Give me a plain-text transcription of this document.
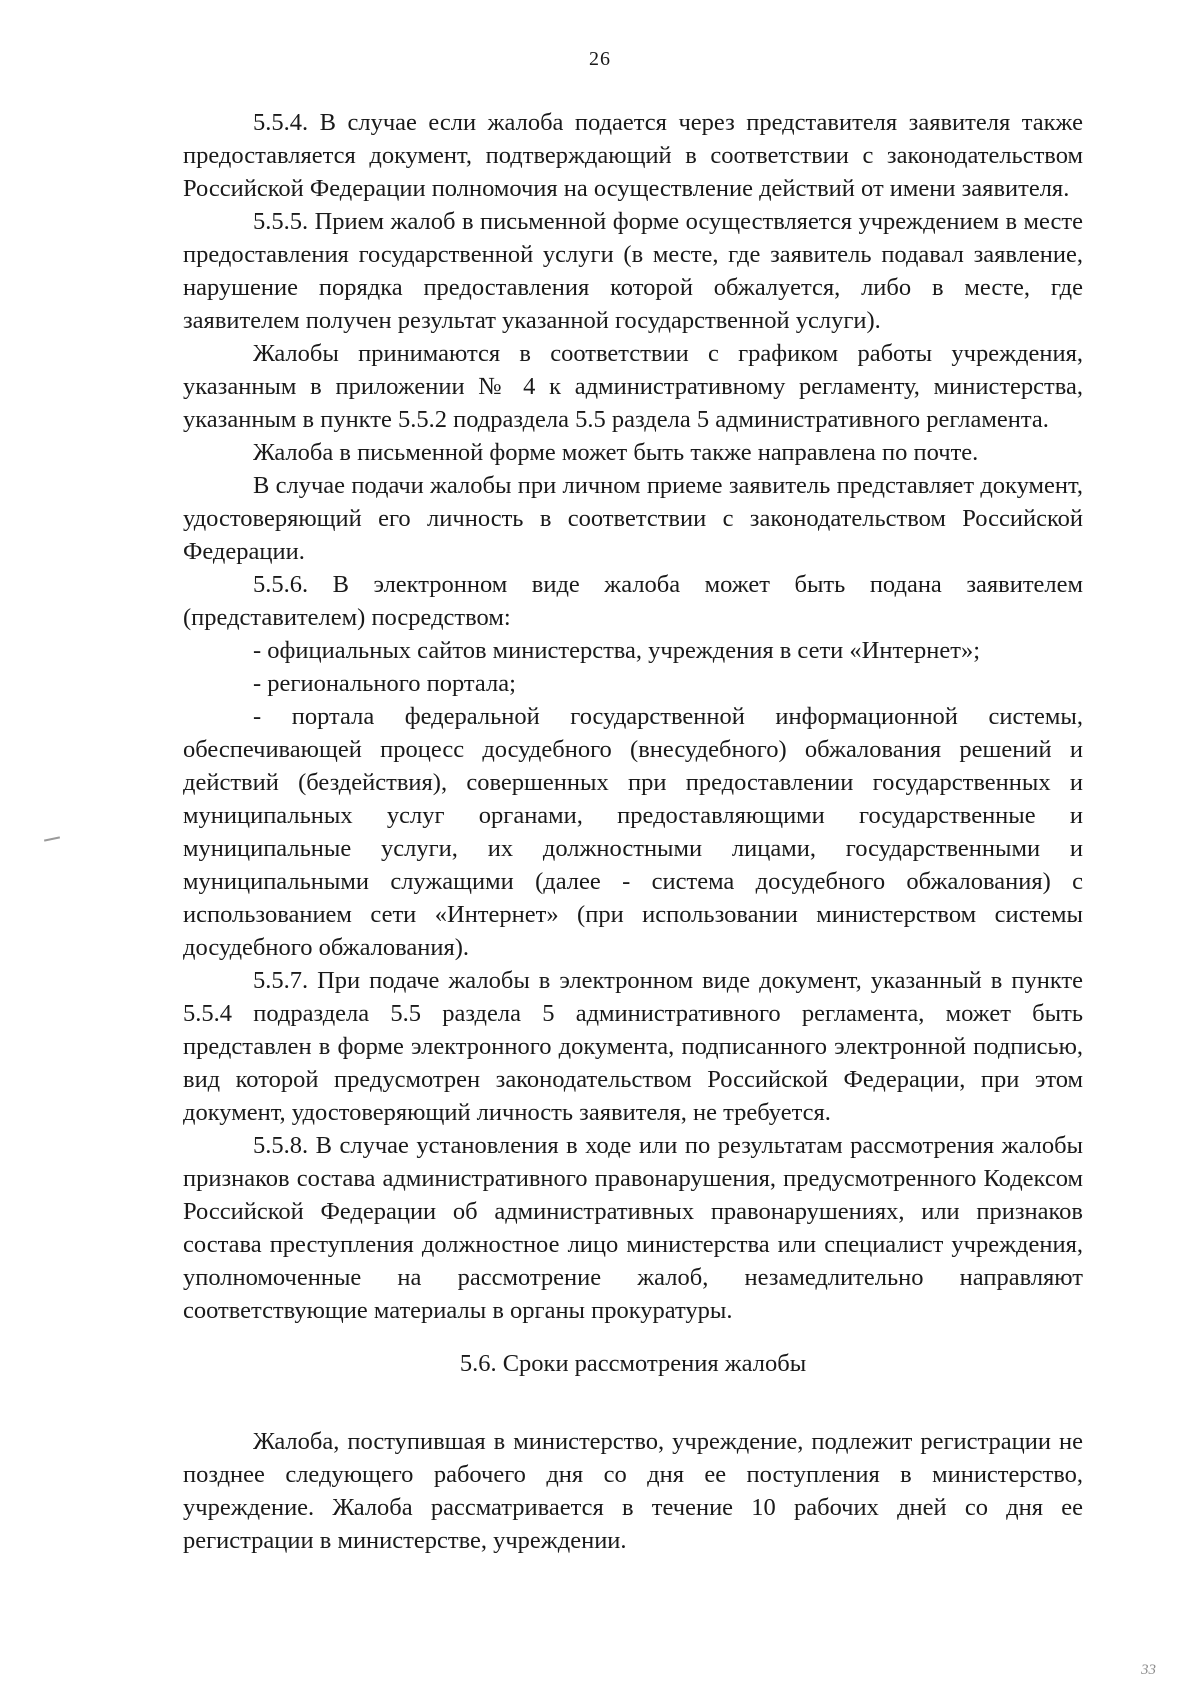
26

5.5.4. В случае если жалоба подается через представителя заявителя также предоставляется документ, подтверждающий в соответствии с законодательством Российской Федерации полномочия на осуществление действий от имени заявителя.

5.5.5. Прием жалоб в письменной форме осуществляется учреждением в месте предоставления государственной услуги (в месте, где заявитель подавал заявление, нарушение порядка предоставления которой обжалуется, либо в месте, где заявителем получен результат указанной государственной услуги).

Жалобы принимаются в соответствии с графиком работы учреждения, указанным в приложении № 4 к административному регламенту, министерства, указанным в пункте 5.5.2 подраздела 5.5 раздела 5 административного регламента.

Жалоба в письменной форме может быть также направлена по почте.

В случае подачи жалобы при личном приеме заявитель представляет документ, удостоверяющий его личность в соответствии с законодательством Российской Федерации.

5.5.6. В электронном виде жалоба может быть подана заявителем (представителем) посредством:

- официальных сайтов министерства, учреждения в сети «Интернет»;

- регионального портала;

- портала федеральной государственной информационной системы, обеспечивающей процесс досудебного (внесудебного) обжалования решений и действий (бездействия), совершенных при предоставлении государственных и муниципальных услуг органами, предоставляющими государственные и муниципальные услуги, их должностными лицами, государственными и муниципальными служащими (далее - система досудебного обжалования) с использованием сети «Интернет» (при использовании министерством системы досудебного обжалования).

5.5.7. При подаче жалобы в электронном виде документ, указанный в пункте 5.5.4 подраздела 5.5 раздела 5 административного регламента, может быть представлен в форме электронного документа, подписанного электронной подписью, вид которой предусмотрен законодательством Российской Федерации, при этом документ, удостоверяющий личность заявителя, не требуется.

5.5.8. В случае установления в ходе или по результатам рассмотрения жалобы признаков состава административного правонарушения, предусмотренного Кодексом Российской Федерации об административных правонарушениях, или признаков состава преступления должностное лицо министерства или специалист учреждения, уполномоченные на рассмотрение жалоб, незамедлительно направляют соответствующие материалы в органы прокуратуры.

5.6. Сроки рассмотрения жалобы

Жалоба, поступившая в министерство, учреждение, подлежит регистрации не позднее следующего рабочего дня со дня ее поступления в министерство, учреждение. Жалоба рассматривается в течение 10 рабочих дней со дня ее регистрации в министерстве, учреждении.

33
